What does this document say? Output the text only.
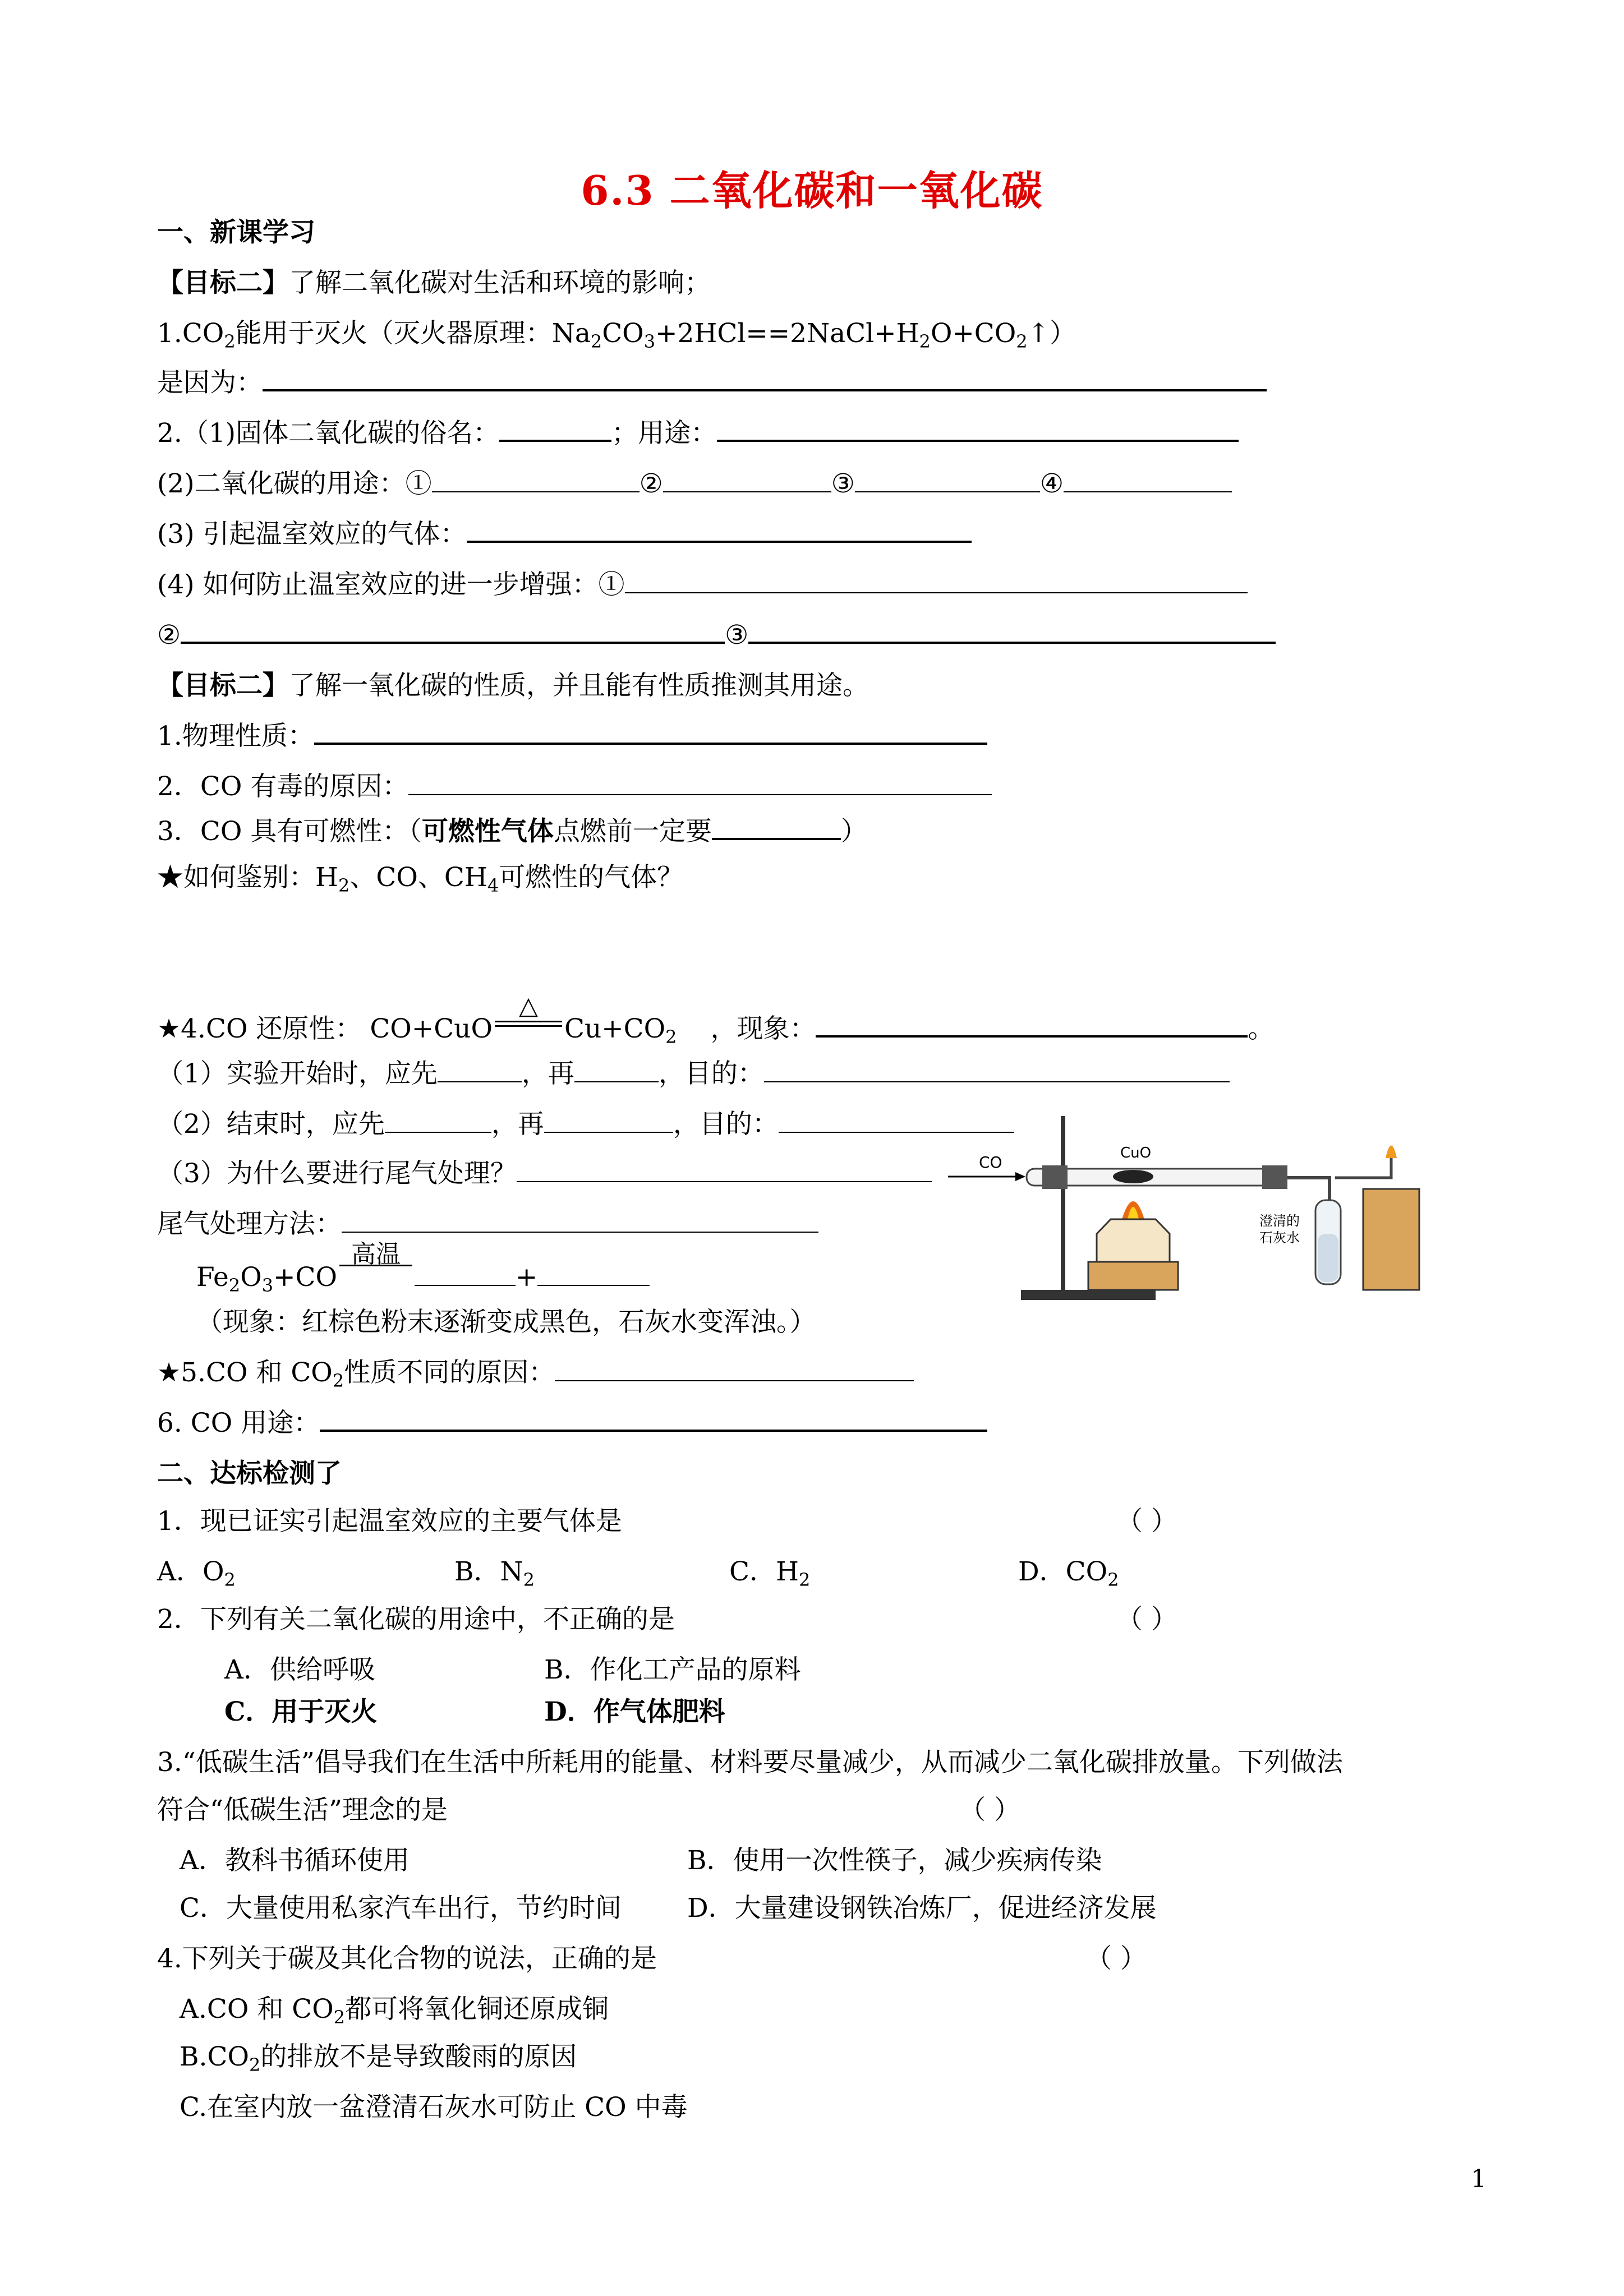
6.3 二氧化碳和一氧化碳
一、新课学习
【目标二】了解二氧化碳对生活和环境的影响；
$1.CO_2$能用于灭火（灭火器原理：$Na_2CO_3+2HCl==2NaCl+H_2O+CO_2↑$）
是因为：
2.（1)固体二氧化碳的俗名：	；用途：
(2)二氧化碳的用途：①	②	③	④
(3) 引起温室效应的气体：
(4) 如何防止温室效应的进一步增强：①
②	③
【目标二】了解一氧化碳的性质，并且能有性质推测其用途。
1.物理性质：
2．CO 有毒的原因：
3．CO 具有可燃性：（可燃性气体点燃前一定要	）
★如何鉴别：$H_2$、CO、$CH_4$可燃性的气体？
★4.CO 还原性： CO+CuO
△
$Cu+CO_2$ ，现象：	。
（1）实验开始时，应先	，再	，目的：
（2）结束时，应先	，再	，目的：
（3）为什么要进行尾气处理？
尾气处理方法：
$Fe_2O_3+CO$
高温
+
（现象：红棕色粉末逐渐变成黑色，石灰水变浑浊。）
★5.CO 和 $CO_2$性质不同的原因：
6. CO 用途：
CO	CuO
澄清的
石灰水
二、达标检测了
1．现已证实引起温室效应的主要气体是	（ ）
A．$O_2$	B．$N_2$	C．$H_2$	D．$CO_2$
2．下列有关二氧化碳的用途中，不正确的是	（ ）
A．供给呼吸	B．作化工产品的原料
C．用于灭火	D．作气体肥料
3.“低碳生活”倡导我们在生活中所耗用的能量、材料要尽量减少，从而减少二氧化碳排放量。下列做法
符合“低碳生活”理念的是	（ ）
A．教科书循环使用	B．使用一次性筷子，减少疾病传染
C．大量使用私家汽车出行，节约时间 D．大量建设钢铁冶炼厂，促进经济发展
4.下列关于碳及其化合物的说法，正确的是	（ ）
A.CO 和 $CO_2$都可将氧化铜还原成铜
$B.CO_2$的排放不是导致酸雨的原因
C.在室内放一盆澄清石灰水可防止 CO 中毒
1
